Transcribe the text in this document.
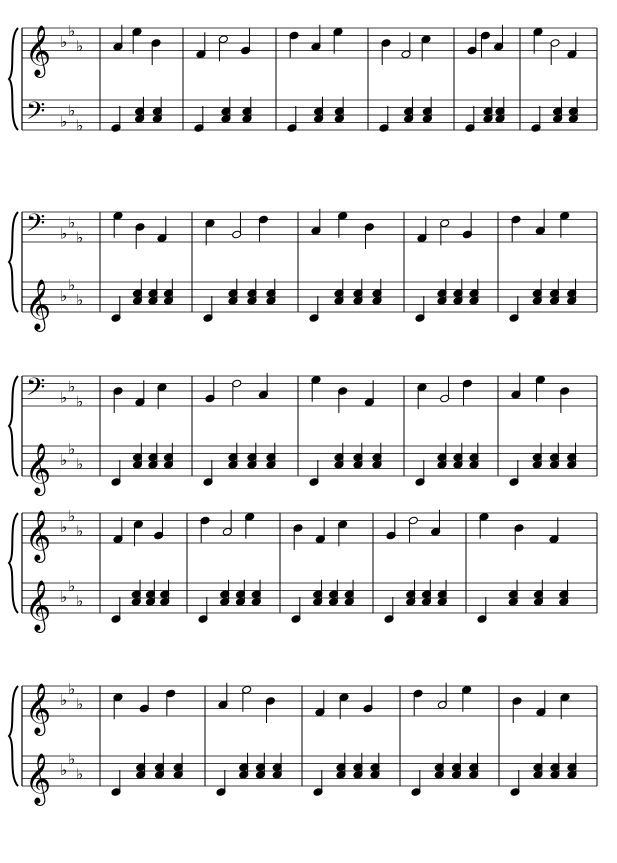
𝄞
𝄢
♭
♭
♭
♭
♭
♭
𝄢
𝄞
♭
♭
♭
♭
♭
♭
𝄢
𝄞
♭
♭
♭
♭
♭
♭
𝄞
𝄞
♭
♭
♭
♭
♭
♭
𝄞
𝄞
♭
♭
♭
♭
♭
♭
